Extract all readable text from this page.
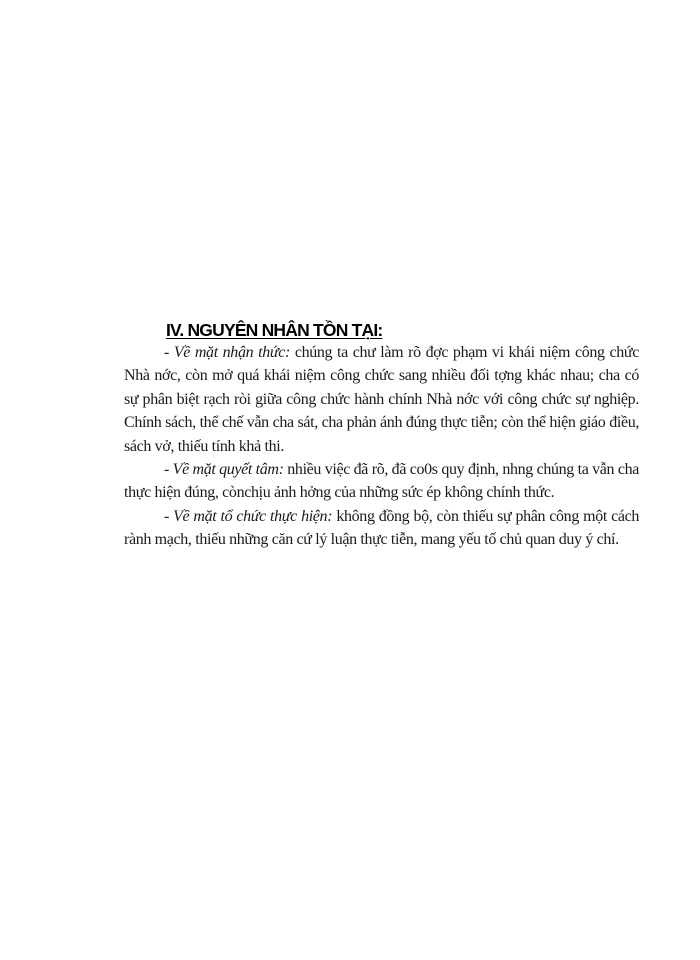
IV. NGUYÊN NHÂN TỒN TẠI:

- Về mặt nhận thức: chúng ta chư làm rõ đợc phạm vi khái niệm công chức Nhà nớc, còn mở quá khái niệm công chức sang nhiều đối tợng khác nhau; cha có sự phân biệt rạch ròi giữa công chức hành chính Nhà nớc với công chức sự nghiệp. Chính sách, thể chế vẫn cha sát, cha phản ánh đúng thực tiễn; còn thể hiện giáo điều, sách vở, thiếu tính khả thi.

- Về mặt quyết tâm: nhiều việc đã rõ, đã co0s quy định, nhng chúng ta vẫn cha thực hiện đúng, cònchịu ảnh hởng của những sức ép không chính thức.

- Về mặt tổ chức thực hiện: không đồng bộ, còn thiếu sự phân công một cách rành mạch, thiếu những căn cứ lý luận thực tiễn, mang yếu tố chủ quan duy ý chí.
